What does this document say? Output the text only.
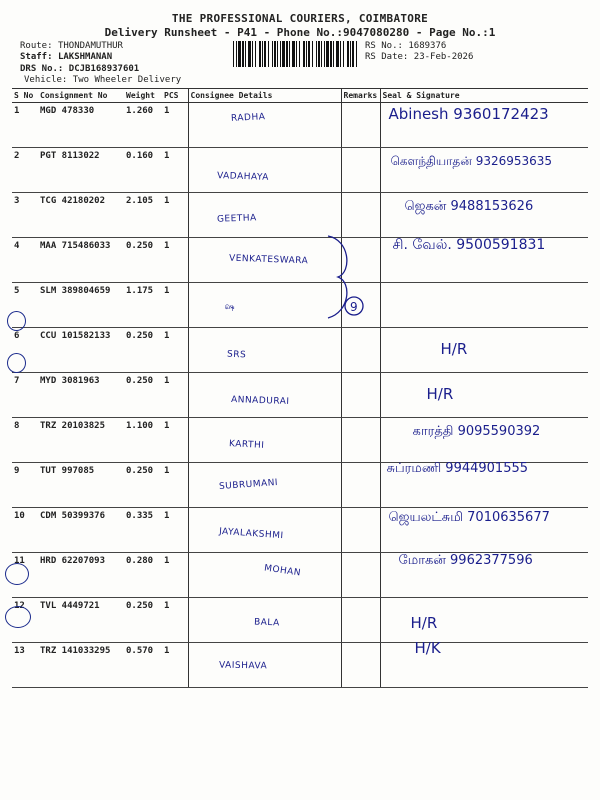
THE PROFESSIONAL COURIERS, COIMBATORE
Delivery Runsheet - P41 - Phone No.:9047080280 - Page No.:1
Route: THONDAMUTHUR
Staff: LAKSHMANAN
DRS No.: DCJB168937601
Vehicle: Two Wheeler Delivery
RS No.: 1689376
RS Date: 23-Feb-2026
S No	Consignment No	Weight	PCS	Consignee Details	Remarks	Seal & Signature
1	MGD 478330	1.260	1	RADHA		Abinesh 9360172423

2	PGT 8113022	0.160	1	VADAHAYA		கௌந்தியாதன் 9326953635

3	TCG 42180202	2.105	1	GEETHA		ஜெகன் 9488153626

4	MAA 715486033	0.250	1	VENKATESWARA		சி. வேல். 9500591831

5	SLM 389804659	1.175	1	ஷ		

6	CCU 101582133	0.250	1	SRS		H/R

7	MYD 3081963	0.250	1	ANNADURAI		H/R

8	TRZ 20103825	1.100	1	KARTHI		காரத்தி 9095590392

9	TUT 997085	0.250	1	SUBRUMANI		சுப்ரமணி 9944901555

10	CDM 50399376	0.335	1	JAYALAKSHMI		ஜெயலட்சுமி 7010635677

11	HRD 62207093	0.280	1	MOHAN		மோகன் 9962377596

12	TVL 4449721	0.250	1	BALA		H/R

13	TRZ 141033295	0.570	1	VAISHAVA		H/K
9
